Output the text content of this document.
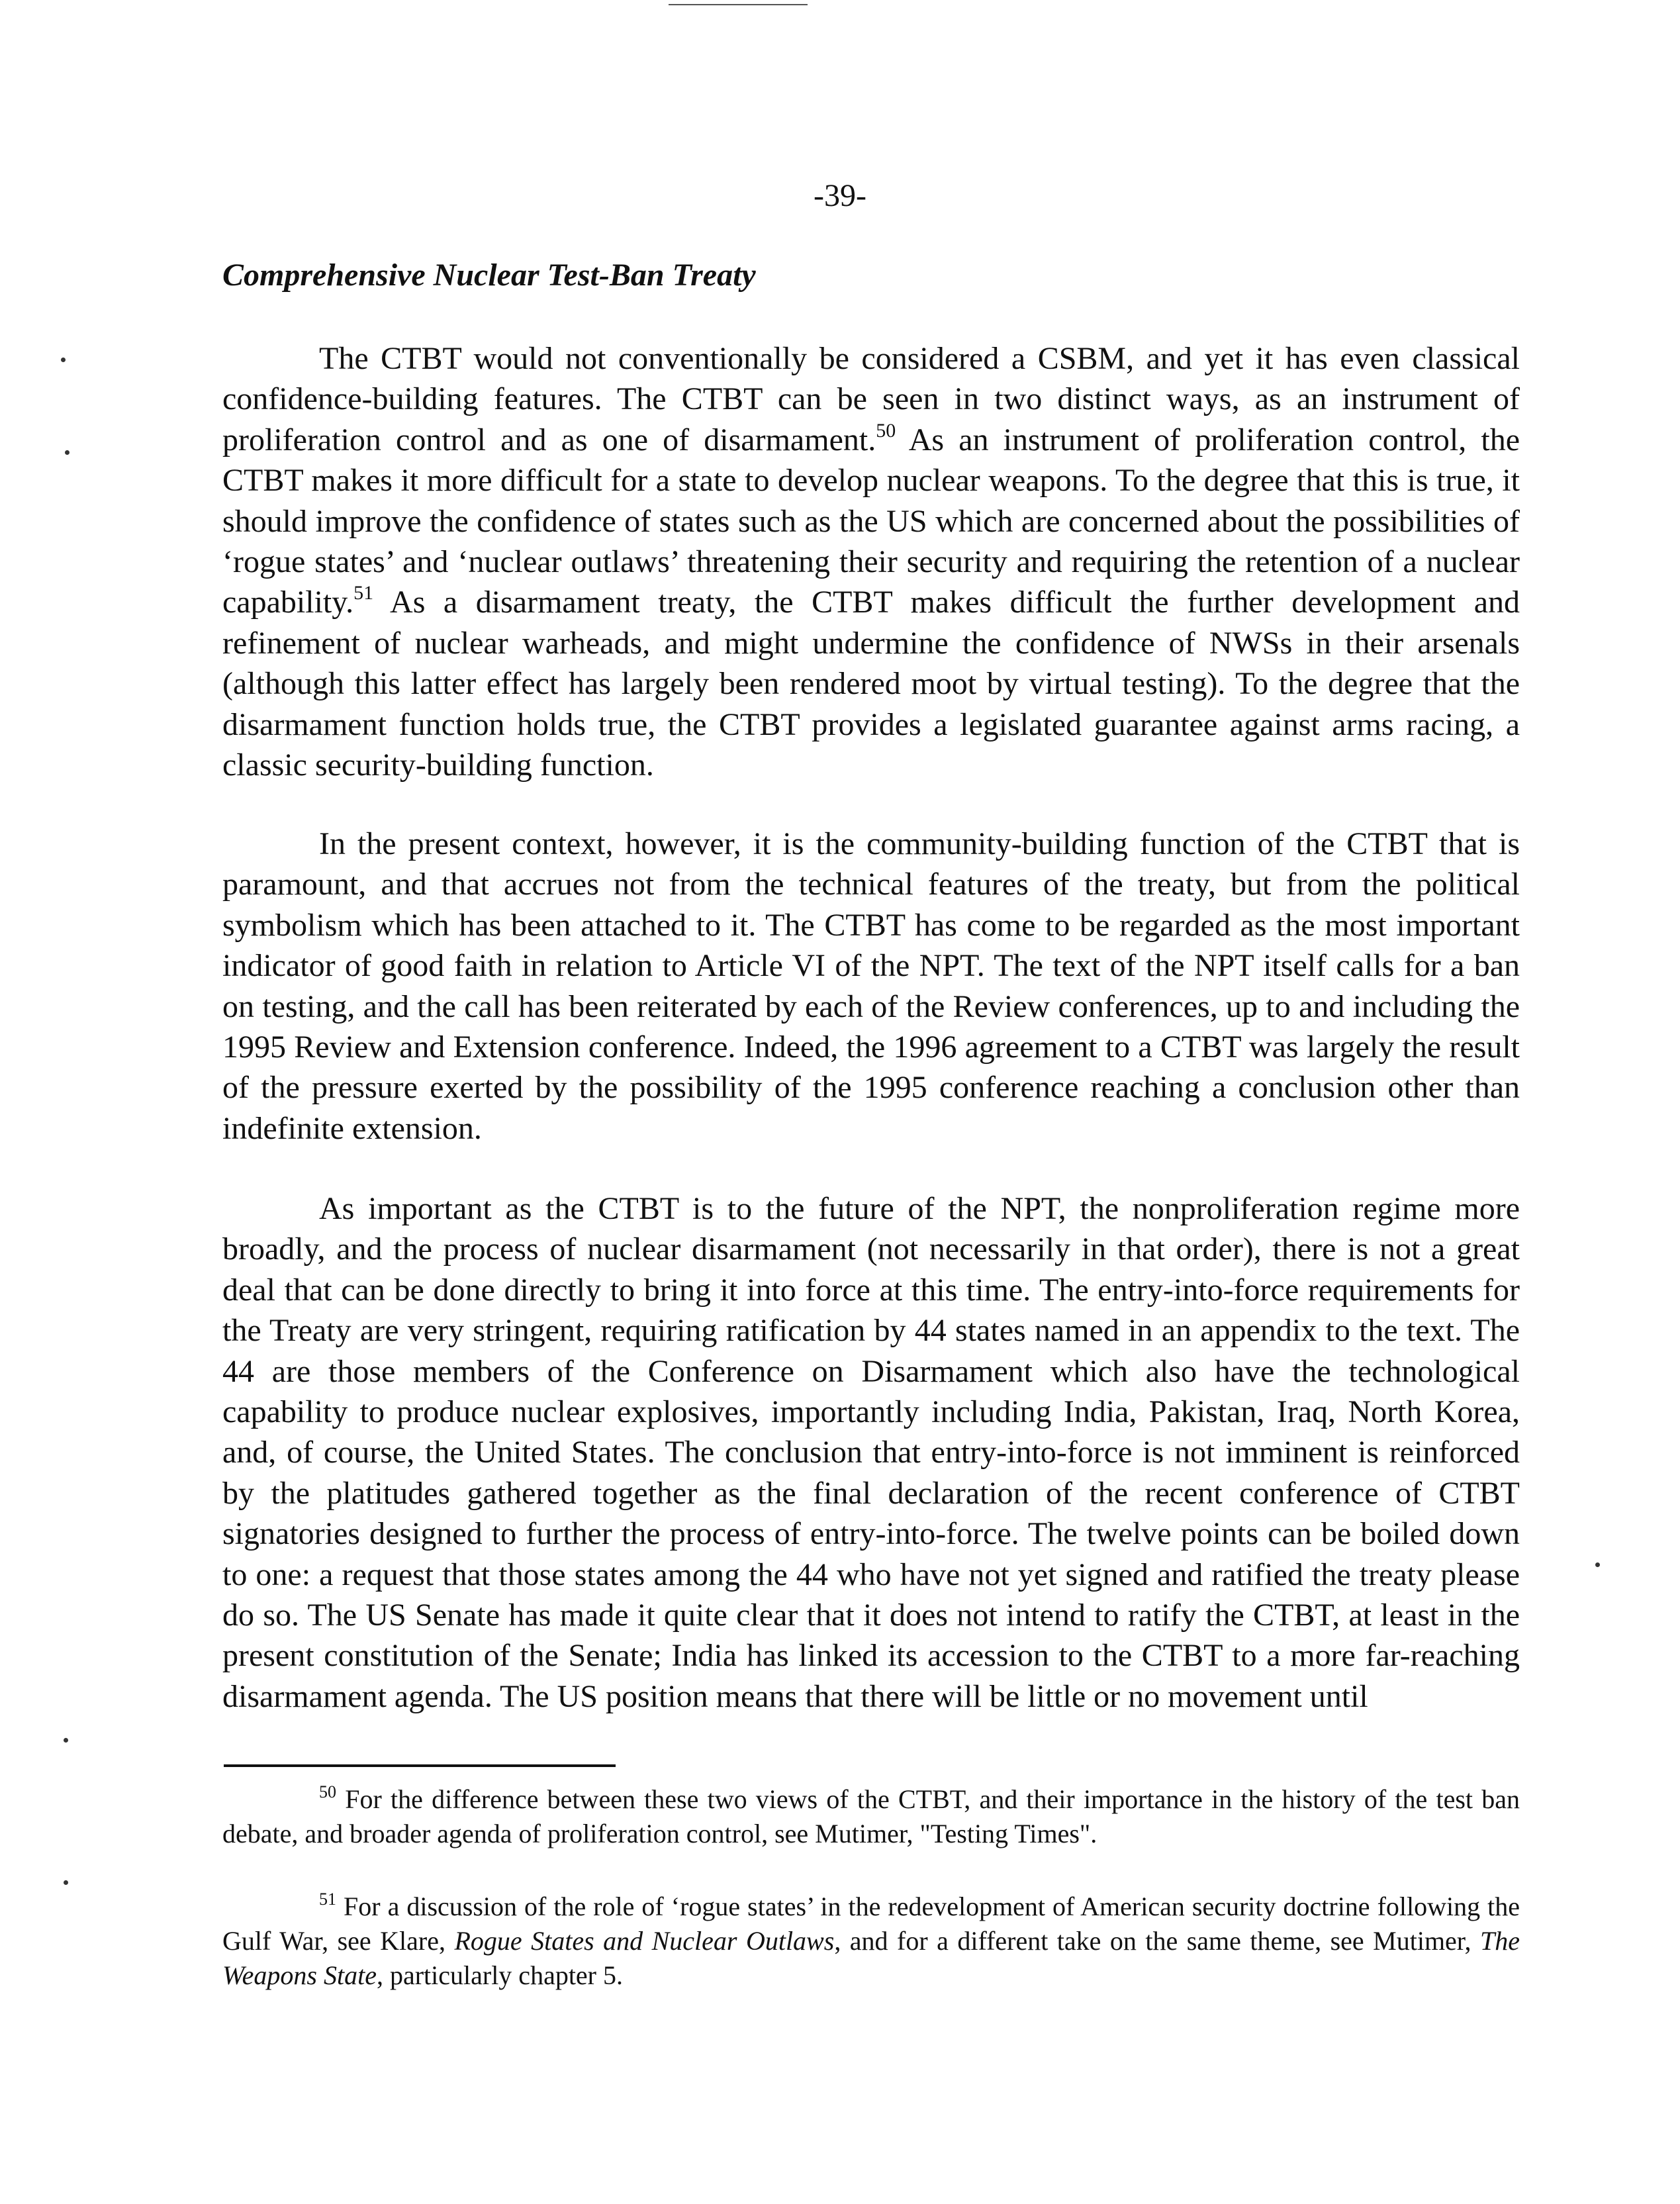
-39-
Comprehensive Nuclear Test-Ban Treaty

The CTBT would not conventionally be considered a CSBM, and yet it has even classical confidence-building features. The CTBT can be seen in two distinct ways, as an instrument of proliferation control and as one of disarmament.$^{50}$ As an instrument of proliferation control, the CTBT makes it more difficult for a state to develop nuclear weapons. To the degree that this is true, it should improve the confidence of states such as the US which are concerned about the possibilities of ‘rogue states’ and ‘nuclear outlaws’ threatening their security and requiring the retention of a nuclear capability.$^{51}$ As a disarmament treaty, the CTBT makes difficult the further development and refinement of nuclear warheads, and might undermine the confidence of NWSs in their arsenals (although this latter effect has largely been rendered moot by virtual testing). To the degree that the disarmament function holds true, the CTBT provides a legislated guarantee against arms racing, a classic security-building function.

In the present context, however, it is the community-building function of the CTBT that is paramount, and that accrues not from the technical features of the treaty, but from the political symbolism which has been attached to it. The CTBT has come to be regarded as the most important indicator of good faith in relation to Article VI of the NPT. The text of the NPT itself calls for a ban on testing, and the call has been reiterated by each of the Review conferences, up to and including the 1995 Review and Extension conference. Indeed, the 1996 agreement to a CTBT was largely the result of the pressure exerted by the possibility of the 1995 conference reaching a conclusion other than indefinite extension.

As important as the CTBT is to the future of the NPT, the nonproliferation regime more broadly, and the process of nuclear disarmament (not necessarily in that order), there is not a great deal that can be done directly to bring it into force at this time. The entry-into-force requirements for the Treaty are very stringent, requiring ratification by 44 states named in an appendix to the text. The 44 are those members of the Conference on Disarmament which also have the technological capability to produce nuclear explosives, importantly including India, Pakistan, Iraq, North Korea, and, of course, the United States. The conclusion that entry-into-force is not imminent is reinforced by the platitudes gathered together as the final declaration of the recent conference of CTBT signatories designed to further the process of entry-into-force. The twelve points can be boiled down to one: a request that those states among the 44 who have not yet signed and ratified the treaty please do so. The US Senate has made it quite clear that it does not intend to ratify the CTBT, at least in the present constitution of the Senate; India has linked its accession to the CTBT to a more far-reaching disarmament agenda. The US position means that there will be little or no movement until

$^{50}$ For the difference between these two views of the CTBT, and their importance in the history of the test ban debate, and broader agenda of proliferation control, see Mutimer, "Testing Times".

$^{51}$ For a discussion of the role of ‘rogue states’ in the redevelopment of American security doctrine following the Gulf War, see Klare, Rogue States and Nuclear Outlaws, and for a different take on the same theme, see Mutimer, The Weapons State, particularly chapter 5.
